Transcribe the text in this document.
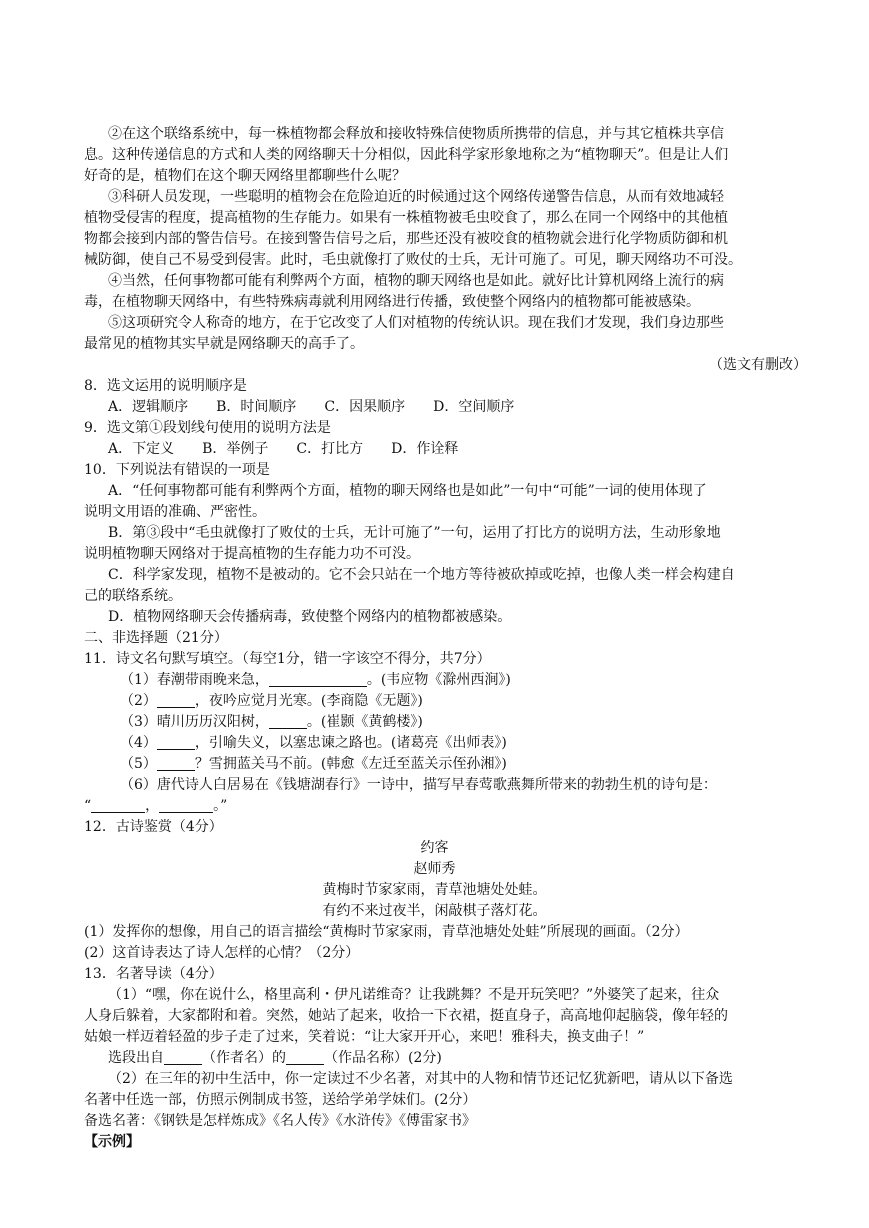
②在这个联络系统中，每一株植物都会释放和接收特殊信使物质所携带的信息，并与其它植株共享信
息。这种传递信息的方式和人类的网络聊天十分相似，因此科学家形象地称之为“植物聊天”。但是让人们
好奇的是，植物们在这个聊天网络里都聊些什么呢？
③科研人员发现，一些聪明的植物会在危险迫近的时候通过这个网络传递警告信息，从而有效地减轻
植物受侵害的程度，提高植物的生存能力。如果有一株植物被毛虫咬食了，那么在同一个网络中的其他植
物都会接到内部的警告信号。在接到警告信号之后，那些还没有被咬食的植物就会进行化学物质防御和机
械防御，使自己不易受到侵害。此时，毛虫就像打了败仗的士兵，无计可施了。可见，聊天网络功不可没。
④当然，任何事物都可能有利弊两个方面，植物的聊天网络也是如此。就好比计算机网络上流行的病
毒，在植物聊天网络中，有些特殊病毒就利用网络进行传播，致使整个网络内的植物都可能被感染。
⑤这项研究令人称奇的地方，在于它改变了人们对植物的传统认识。现在我们才发现，我们身边那些
最常见的植物其实早就是网络聊天的高手了。
（选文有删改）
8．选文运用的说明顺序是
A．逻辑顺序　　B．时间顺序　　C．因果顺序　　D．空间顺序
9．选文第①段划线句使用的说明方法是
A．下定义　　B．举例子　　C．打比方　　D．作诠释
10．下列说法有错误的一项是
A．“任何事物都可能有利弊两个方面，植物的聊天网络也是如此”一句中“可能”一词的使用体现了
说明文用语的准确、严密性。
B．第③段中“毛虫就像打了败仗的士兵，无计可施了”一句，运用了打比方的说明方法，生动形象地
说明植物聊天网络对于提高植物的生存能力功不可没。
C．科学家发现，植物不是被动的。它不会只站在一个地方等待被砍掉或吃掉，也像人类一样会构建自
己的联络系统。
D．植物网络聊天会传播病毒，致使整个网络内的植物都被感染。
二、非选择题（21分）
11．诗文名句默写填空。（每空1分，错一字该空不得分，共7分）
（1）春潮带雨晚来急，	。(韦应物《滁州西涧》)
（2）	，夜吟应觉月光寒。(李商隐《无题》)
（3）晴川历历汉阳树，	。(崔颢《黄鹤楼》)
（4）	，引喻失义，以塞忠谏之路也。(诸葛亮《出师表》)
（5）	？雪拥蓝关马不前。(韩愈《左迁至蓝关示侄孙湘》)
（6）唐代诗人白居易在《钱塘湖春行》一诗中，描写早春莺歌燕舞所带来的勃勃生机的诗句是：
“	，	。”
12．古诗鉴赏（4分）
约客
赵师秀
黄梅时节家家雨，青草池塘处处蛙。
有约不来过夜半，闲敲棋子落灯花。
(1）发挥你的想像，用自己的语言描绘“黄梅时节家家雨，青草池塘处处蛙”所展现的画面。（2分）
(2）这首诗表达了诗人怎样的心情？（2分）
13．名著导读（4分）
（1）“嘿，你在说什么，格里高利・伊凡诺维奇？让我跳舞？不是开玩笑吧？”外婆笑了起来，往众
人身后躲着，大家都附和着。突然，她站了起来，收拾一下衣裙，挺直身子，高高地仰起脑袋，像年轻的
姑娘一样迈着轻盈的步子走了过来，笑着说：“让大家开开心，来吧！雅科夫，换支曲子！”
选段出自	（作者名）的	（作品名称）(2分)
（2）在三年的初中生活中，你一定读过不少名著，对其中的人物和情节还记忆犹新吧，请从以下备选
名著中任选一部，仿照示例制成书签，送给学弟学妹们。(2分）
备选名著：《钢铁是怎样炼成》《名人传》《水浒传》《傅雷家书》
【示例】
